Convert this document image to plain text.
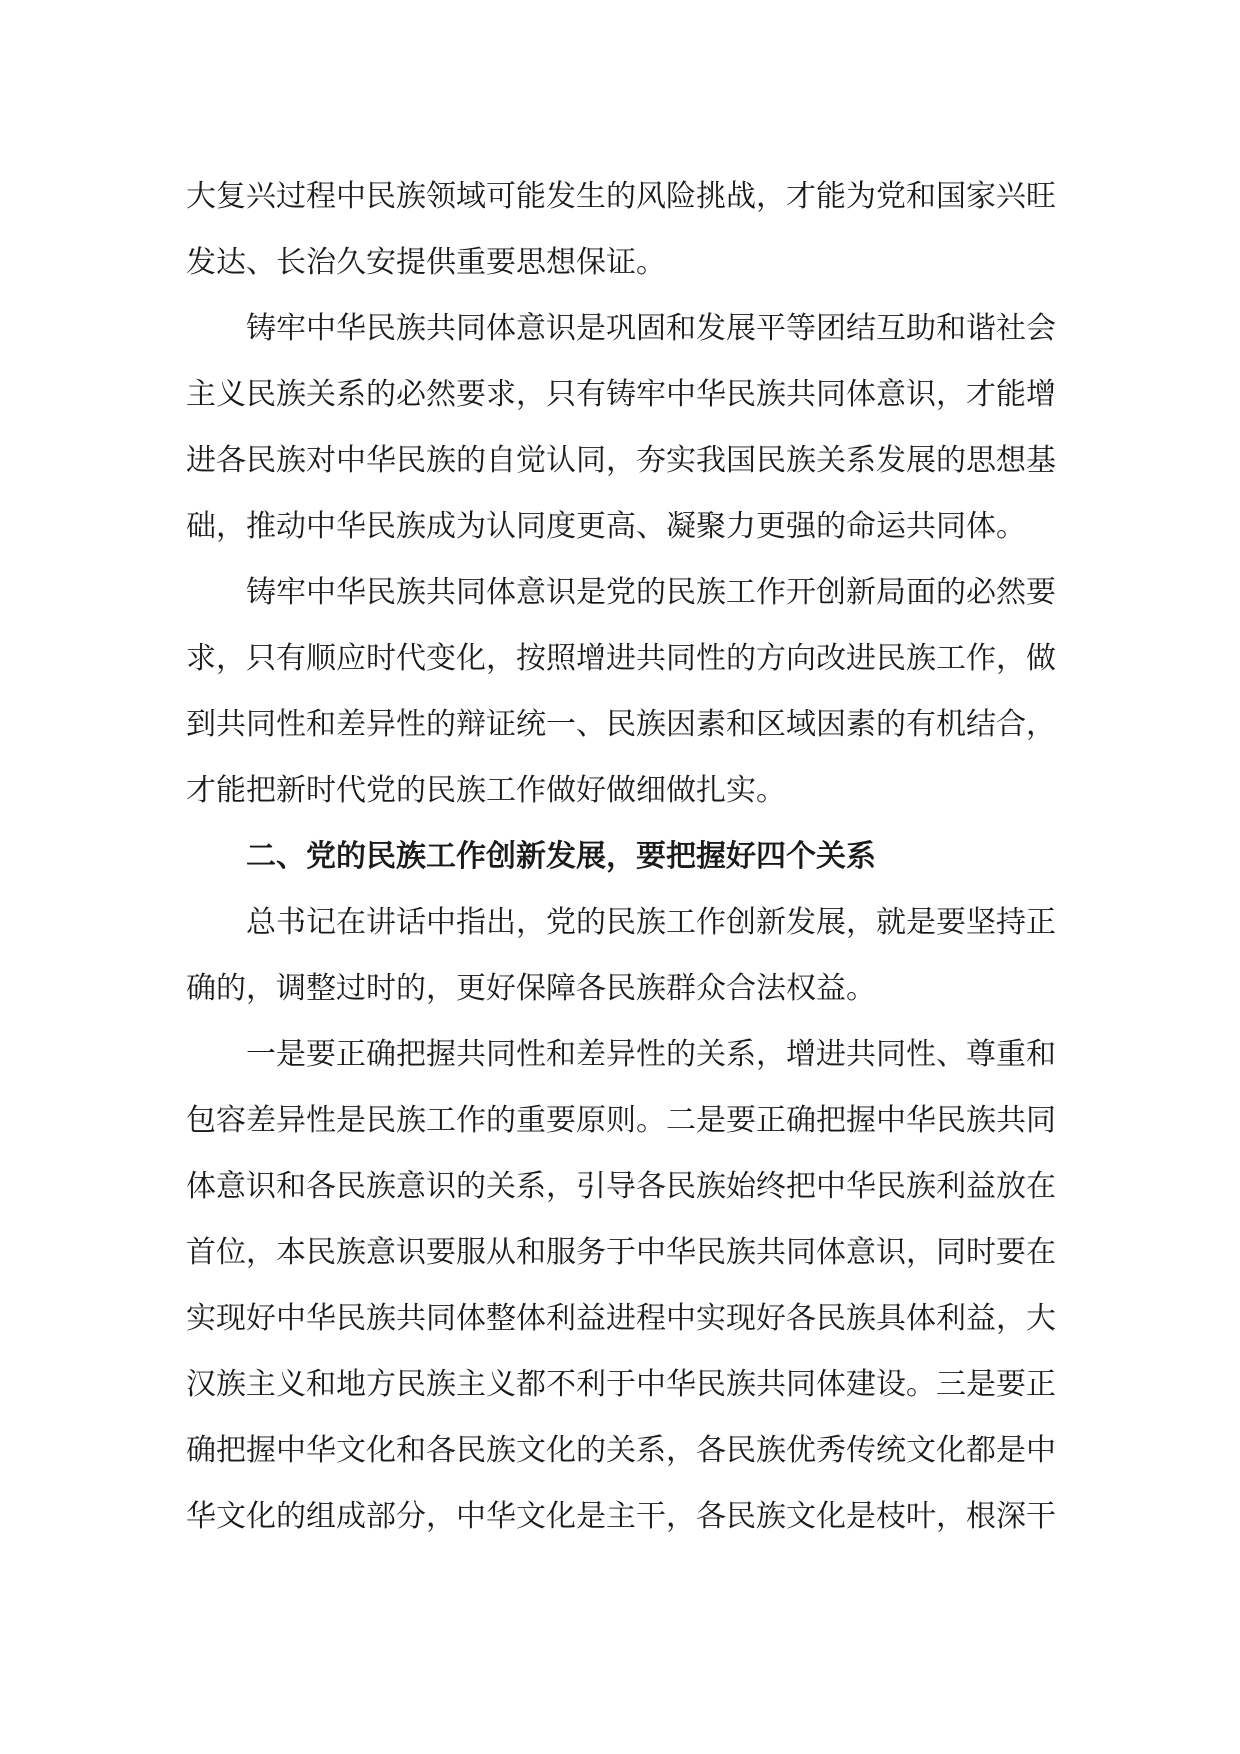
大复兴过程中民族领域可能发生的风险挑战，才能为党和国家兴旺
发达、长治久安提供重要思想保证。
铸牢中华民族共同体意识是巩固和发展平等团结互助和谐社会
主义民族关系的必然要求，只有铸牢中华民族共同体意识，才能增
进各民族对中华民族的自觉认同，夯实我国民族关系发展的思想基
础，推动中华民族成为认同度更高、凝聚力更强的命运共同体。
铸牢中华民族共同体意识是党的民族工作开创新局面的必然要
求，只有顺应时代变化，按照增进共同性的方向改进民族工作，做
到共同性和差异性的辩证统一、民族因素和区域因素的有机结合，
才能把新时代党的民族工作做好做细做扎实。
二、党的民族工作创新发展，要把握好四个关系
总书记在讲话中指出，党的民族工作创新发展，就是要坚持正
确的，调整过时的，更好保障各民族群众合法权益。
一是要正确把握共同性和差异性的关系，增进共同性、尊重和
包容差异性是民族工作的重要原则。二是要正确把握中华民族共同
体意识和各民族意识的关系，引导各民族始终把中华民族利益放在
首位，本民族意识要服从和服务于中华民族共同体意识，同时要在
实现好中华民族共同体整体利益进程中实现好各民族具体利益，大
汉族主义和地方民族主义都不利于中华民族共同体建设。三是要正
确把握中华文化和各民族文化的关系，各民族优秀传统文化都是中
华文化的组成部分，中华文化是主干，各民族文化是枝叶，根深干
